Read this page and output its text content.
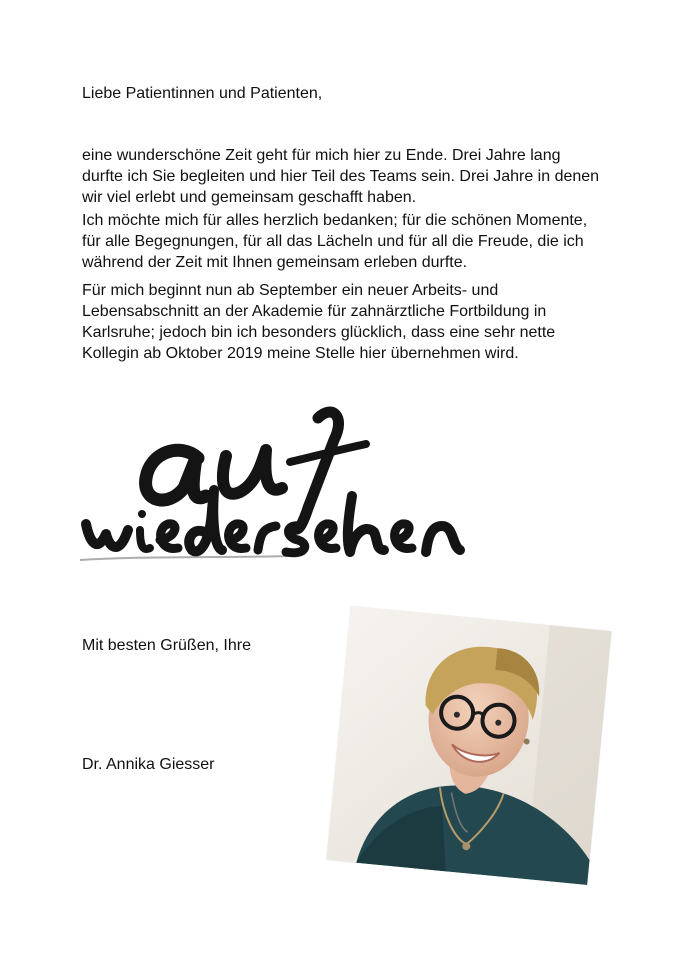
Liebe Patientinnen und Patienten,

eine wunderschöne Zeit geht für mich hier zu Ende. Drei Jahre lang durfte ich Sie begleiten und hier Teil des Teams sein. Drei Jahre in denen wir viel erlebt und gemeinsam geschafft haben.

Ich möchte mich für alles herzlich bedanken; für die schönen Momente, für alle Begegnungen, für all das Lächeln und für all die Freude, die ich während der Zeit mit Ihnen gemeinsam erleben durfte.

Für mich beginnt nun ab September ein neuer Arbeits- und Lebensabschnitt an der Akademie für zahnärztliche Fortbildung in Karlsruhe; jedoch bin ich besonders glücklich, dass eine sehr nette Kollegin ab Oktober 2019 meine Stelle hier übernehmen wird.

Mit besten Grüßen, Ihre

Dr. Annika Giesser
